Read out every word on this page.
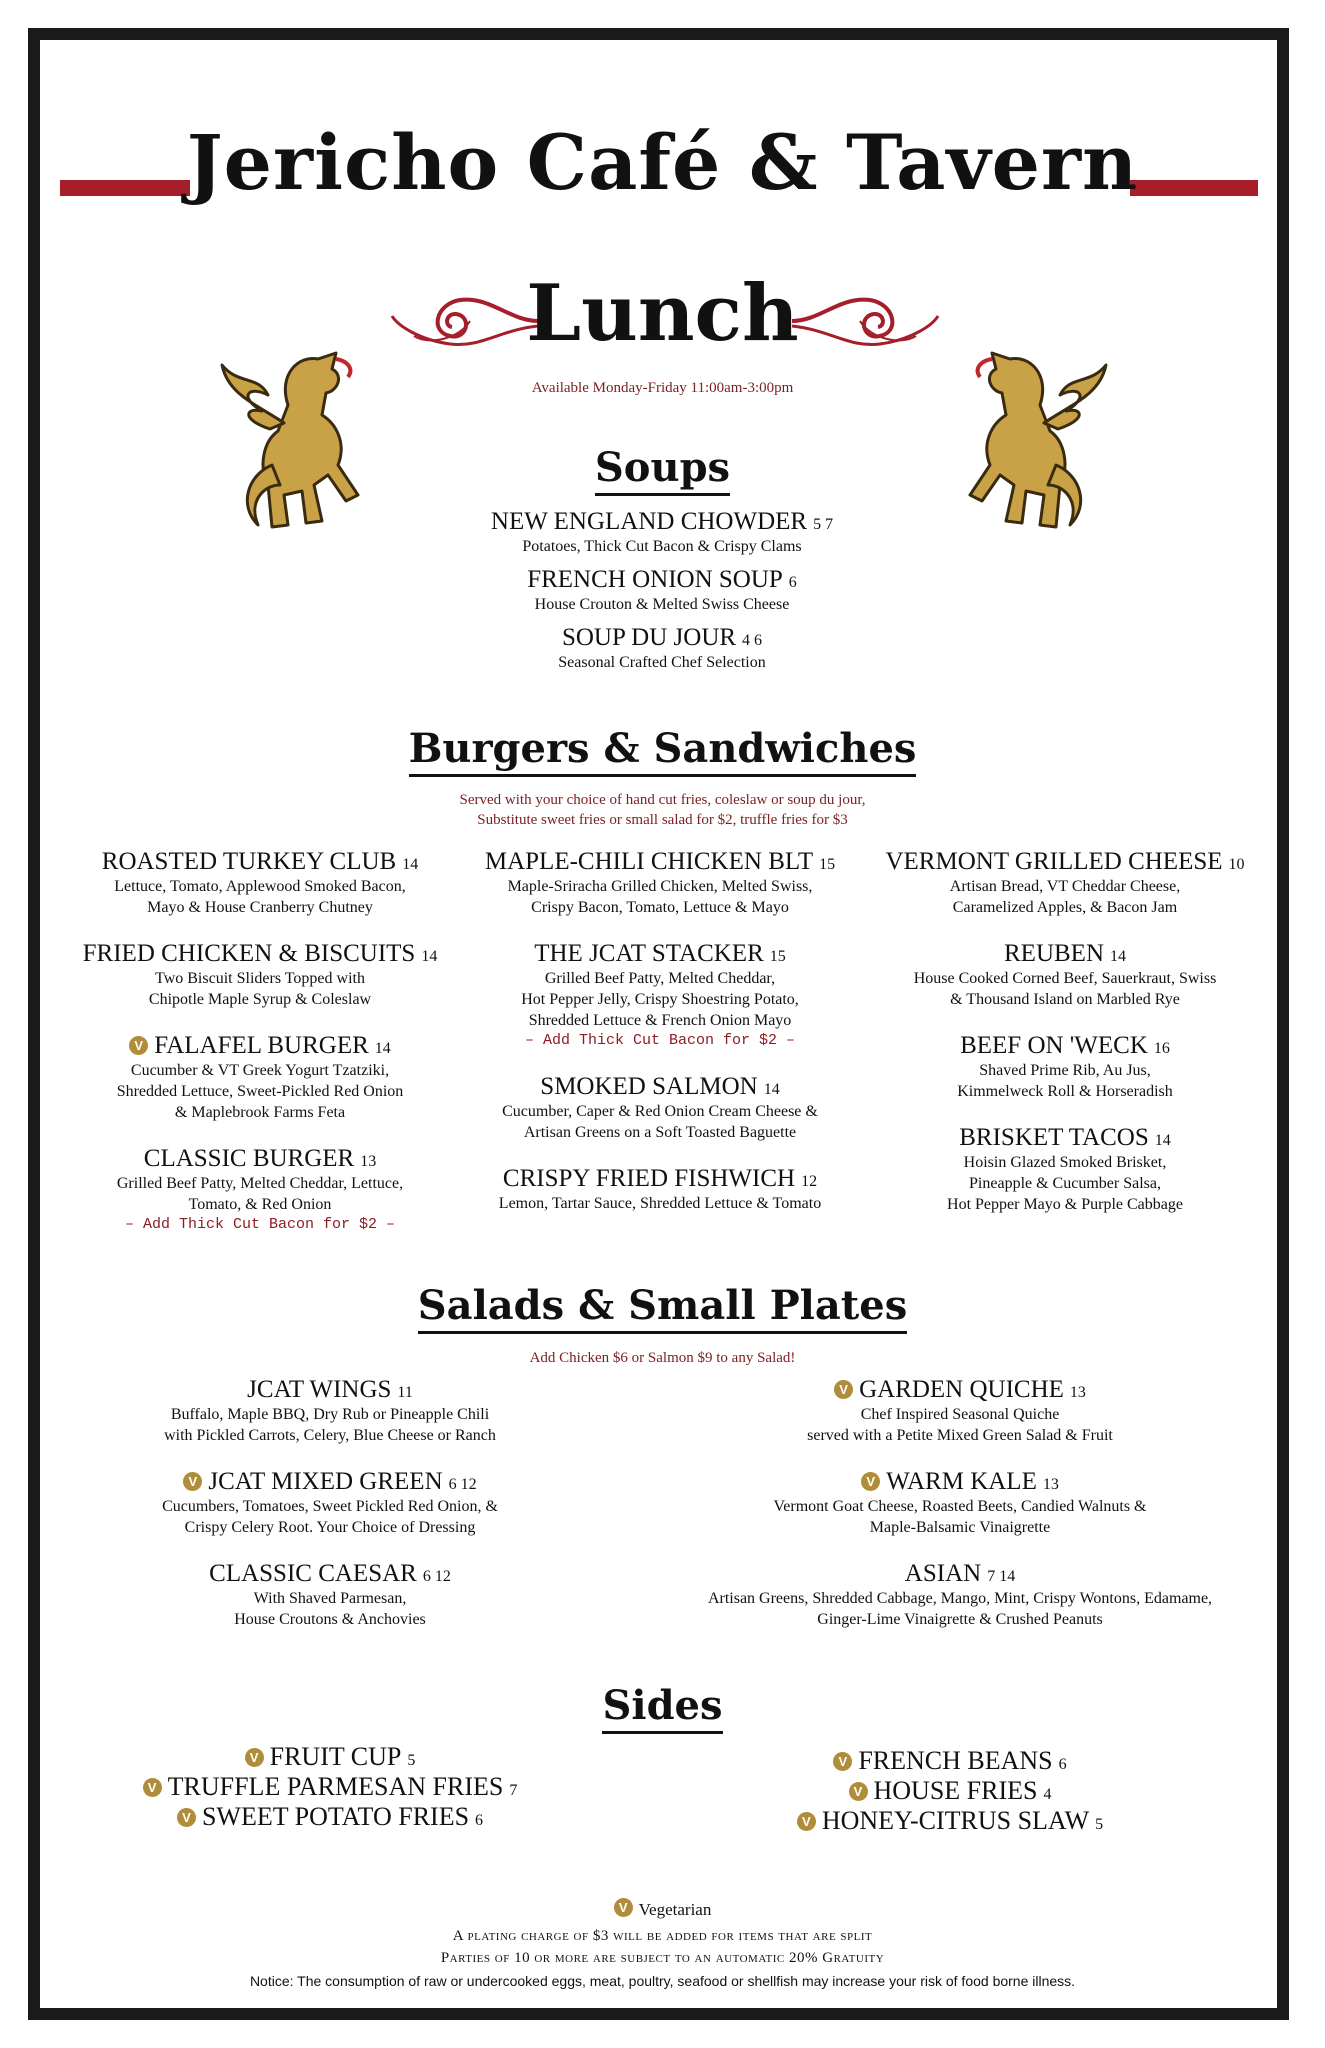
Jericho Café & Tavern
Lunch
Available Monday-Friday 11:00am-3:00pm
Soups
NEW ENGLAND CHOWDER 5 7
Potatoes, Thick Cut Bacon & Crispy Clams
FRENCH ONION SOUP 6
House Crouton & Melted Swiss Cheese
SOUP DU JOUR 4 6
Seasonal Crafted Chef Selection
Burgers & Sandwiches
Served with your choice of hand cut fries, coleslaw or soup du jour,
Substitute sweet fries or small salad for $2, truffle fries for $3
ROASTED TURKEY CLUB 14
Lettuce, Tomato, Applewood Smoked Bacon,
Mayo & House Cranberry Chutney
FRIED CHICKEN & BISCUITS 14
Two Biscuit Sliders Topped with
Chipotle Maple Syrup & Coleslaw
V FALAFEL BURGER 14
Cucumber & VT Greek Yogurt Tzatziki,
Shredded Lettuce, Sweet-Pickled Red Onion
& Maplebrook Farms Feta
CLASSIC BURGER 13
Grilled Beef Patty, Melted Cheddar, Lettuce,
Tomato, & Red Onion
– Add Thick Cut Bacon for $2 –
MAPLE-CHILI CHICKEN BLT 15
Maple-Sriracha Grilled Chicken, Melted Swiss,
Crispy Bacon, Tomato, Lettuce & Mayo
THE JCAT STACKER 15
Grilled Beef Patty, Melted Cheddar,
Hot Pepper Jelly, Crispy Shoestring Potato,
Shredded Lettuce & French Onion Mayo
– Add Thick Cut Bacon for $2 –
SMOKED SALMON 14
Cucumber, Caper & Red Onion Cream Cheese &
Artisan Greens on a Soft Toasted Baguette
CRISPY FRIED FISHWICH 12
Lemon, Tartar Sauce, Shredded Lettuce & Tomato
VERMONT GRILLED CHEESE 10
Artisan Bread, VT Cheddar Cheese,
Caramelized Apples, & Bacon Jam
REUBEN 14
House Cooked Corned Beef, Sauerkraut, Swiss
& Thousand Island on Marbled Rye
BEEF ON 'WECK 16
Shaved Prime Rib, Au Jus,
Kimmelweck Roll & Horseradish
BRISKET TACOS 14
Hoisin Glazed Smoked Brisket,
Pineapple & Cucumber Salsa,
Hot Pepper Mayo & Purple Cabbage
Salads & Small Plates
Add Chicken $6 or Salmon $9 to any Salad!
JCAT WINGS 11
Buffalo, Maple BBQ, Dry Rub or Pineapple Chili
with Pickled Carrots, Celery, Blue Cheese or Ranch
V JCAT MIXED GREEN 6 12
Cucumbers, Tomatoes, Sweet Pickled Red Onion, &
Crispy Celery Root. Your Choice of Dressing
CLASSIC CAESAR 6 12
With Shaved Parmesan,
House Croutons & Anchovies
V GARDEN QUICHE 13
Chef Inspired Seasonal Quiche
served with a Petite Mixed Green Salad & Fruit
V WARM KALE 13
Vermont Goat Cheese, Roasted Beets, Candied Walnuts &
Maple-Balsamic Vinaigrette
ASIAN 7 14
Artisan Greens, Shredded Cabbage, Mango, Mint, Crispy Wontons, Edamame,
Ginger-Lime Vinaigrette & Crushed Peanuts
Sides
V FRUIT CUP 5
V TRUFFLE PARMESAN FRIES 7
V SWEET POTATO FRIES 6
V FRENCH BEANS 6
V HOUSE FRIES 4
V HONEY-CITRUS SLAW 5
V Vegetarian
A plating charge of $3 will be added for items that are split
Parties of 10 or more are subject to an automatic 20% Gratuity
Notice: The consumption of raw or undercooked eggs, meat, poultry, seafood or shellfish may increase your risk of food borne illness.
